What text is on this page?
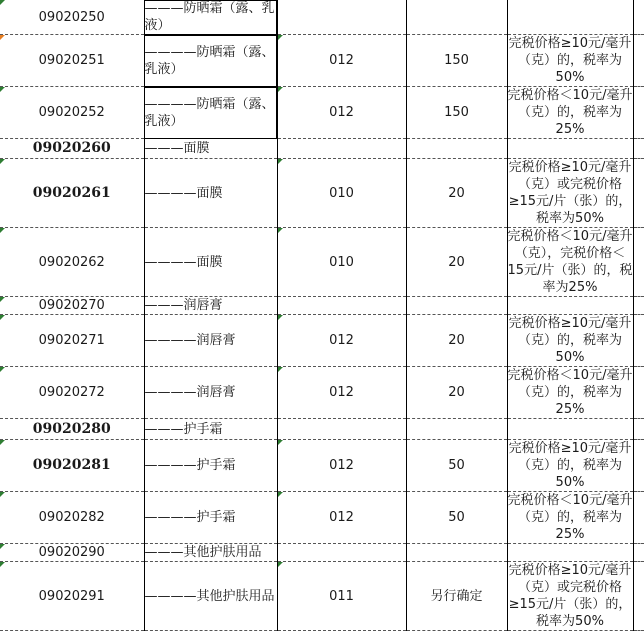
09020250	———防晒霜（露、乳液）				

09020251	————防晒霜（露、乳液）	012	150	完税价格≥10元/毫升（克）的，税率为50%	

09020252	————防晒霜（露、乳液）	012	150	完税价格＜10元/毫升（克）的，税率为25%	
09020260	———面膜				

09020261	————面膜	010	20	完税价格≥10元/毫升（克）或完税价格≥15元/片（张）的，税率为50%	

09020262	————面膜	010	20	完税价格＜10元/毫升（克），完税价格＜15元/片（张）的，税率为25%	

09020270	———润唇膏				

09020271	————润唇膏	012	20	完税价格≥10元/毫升（克）的，税率为50%	

09020272	————润唇膏	012	20	完税价格＜10元/毫升（克）的，税率为25%	
09020280	———护手霜				

09020281	————护手霜	012	50	完税价格≥10元/毫升（克）的，税率为50%	

09020282	————护手霜	012	50	完税价格＜10元/毫升（克）的，税率为25%	

09020290	———其他护肤用品				

09020291	————其他护肤用品	011	另行确定	完税价格≥10元/毫升（克）或完税价格≥15元/片（张）的，税率为50%	
